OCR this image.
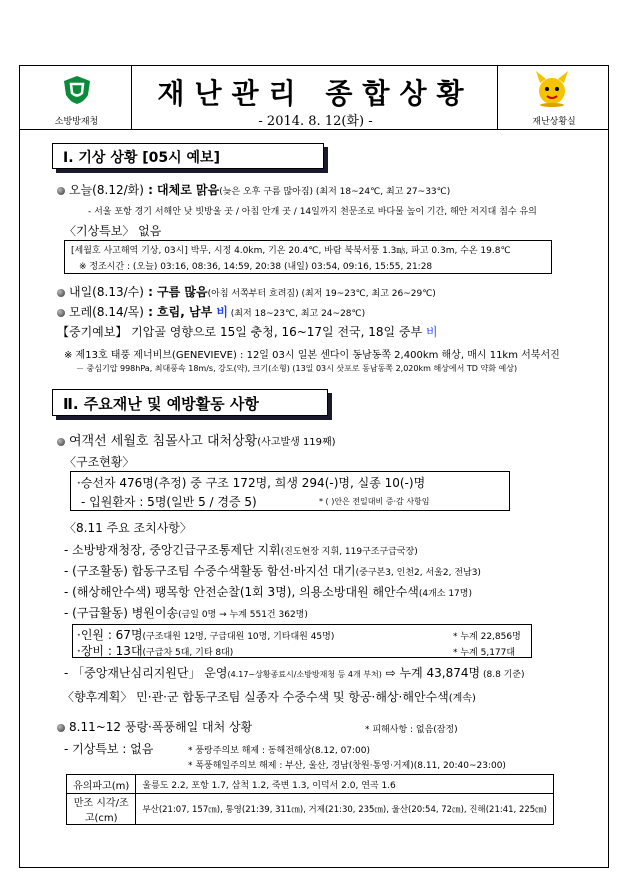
소방방재청
재난관리 종합상황
- 2014. 8. 12(화) -	재난상황실
Ⅰ. 기상 상황 [05시 예보]
오늘(8.12/화) : 대체로 맑음(늦은 오후 구름 많아짐) (최저 18~24℃, 최고 27~33℃)
- 서울 포항 경기 서해안 낮 빗방울 곳 / 아침 안개 곳 / 14일까지 천문조로 바다물 높이 기간, 해안 저지대 침수 유의
〈기상특보〉 없음
[세월호 사고해역 기상, 03시] 박무, 시정 4.0km, 기온 20.4℃, 바람 북북서풍 1.3㎧, 파고 0.3m, 수온 19.8℃
※ 정조시간 : (오늘) 03:16, 08:36, 14:59, 20:38 (내일) 03:54, 09:16, 15:55, 21:28
내일(8.13/수) : 구름 많음(아침 서쪽부터 흐려짐) (최저 19~23℃, 최고 26~29℃)
모레(8.14/목) : 흐림, 남부 비 (최저 18~23℃, 최고 24~28℃)
【중기예보】 기압골 영향으로 15일 충청, 16~17일 전국, 18일 중부 비
※ 제13호 태풍 제너비브(GENEVIEVE) : 12일 03시 일본 센다이 동남동쪽 2,400km 해상, 매시 11km 서북서진
－ 중심기압 998hPa, 최대풍속 18m/s, 강도(약), 크기(소형) (13일 03시 삿포로 동남동쪽 2,020km 해상에서 TD 약화 예상)
Ⅱ. 주요재난 및 예방활동 사항
여객선 세월호 침몰사고 대처상황(사고발생 119째)
〈구조현황〉
·승선자 476명(추정) 중 구조 172명, 희생 294(-)명, 실종 10(-)명
- 입원환자 : 5명(일반 5 / 경증 5)	* ( )안은 전일대비 증·감 사항임
〈8.11 주요 조치사항〉
- 소방방재청장, 중앙긴급구조통제단 지휘(진도현장 지휘, 119구조구급국장)
- (구조활동) 합동구조팀 수중수색활동 함선·바지선 대기(중구본3, 인천2, 서울2, 전남3)
- (해상해안수색) 팽목항 안전순찰(1회 3명), 의용소방대원 해안수색(4개소 17명)
- (구급활동) 병원이송(금일 0명 → 누계 551건 362명)
·인원 : 67명(구조대원 12명, 구급대원 10명, 기타대원 45명)	* 누계 22,856명
·장비 : 13대(구급차 5대, 기타 8대)	* 누계 5,177대
- 「중앙재난심리지원단」 운영(4.17~상황종료시/소방방재청 등 4개 부처) ⇨ 누계 43,874명 (8.8 기준)
〈향후계획〉 민·관·군 합동구조팀 실종자 수중수색 및 항공·해상·해안수색(계속)
8.11~12 풍랑·폭풍해일 대처 상황	* 피해사항 : 없음(잠정)
- 기상특보 : 없음	* 풍랑주의보 해제 : 동해전해상(8.12, 07:00)
* 폭풍해일주의보 해제 : 부산, 울산, 경남(창원·통영·거제)(8.11, 20:40~23:00)
유의파고(m)	울릉도 2.2, 포항 1.7, 삼척 1.2, 죽변 1.3, 이덕서 2.0, 연곡 1.6
만조 시각/조고(cm)	부산(21:07, 157㎝), 통영(21:39, 311㎝), 거제(21:30, 235㎝), 울산(20:54, 72㎝), 진해(21:41, 225㎝)
